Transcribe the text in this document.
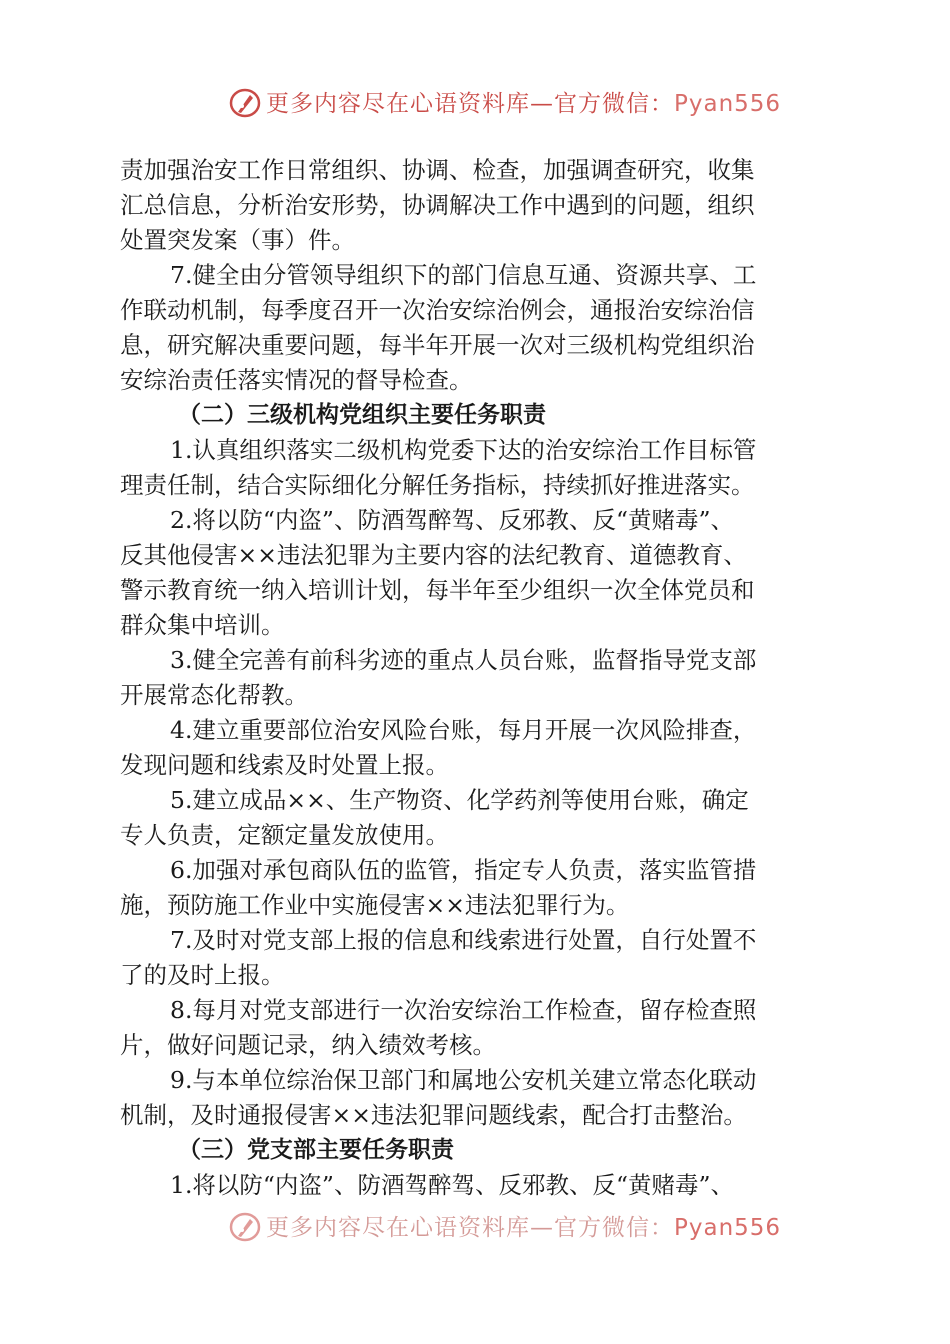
更多内容尽在心语资料库—官方微信：Pyan556
责加强治安工作日常组织、协调、检查，加强调查研究，收集
汇总信息，分析治安形势，协调解决工作中遇到的问题，组织
处置突发案（事）件。
7.健全由分管领导组织下的部门信息互通、资源共享、工
作联动机制，每季度召开一次治安综治例会，通报治安综治信
息，研究解决重要问题，每半年开展一次对三级机构党组织治
安综治责任落实情况的督导检查。
（二）三级机构党组织主要任务职责
1.认真组织落实二级机构党委下达的治安综治工作目标管
理责任制，结合实际细化分解任务指标，持续抓好推进落实。
2.将以防“内盗”、防酒驾醉驾、反邪教、反“黄赌毒”、
反其他侵害××违法犯罪为主要内容的法纪教育、道德教育、
警示教育统一纳入培训计划，每半年至少组织一次全体党员和
群众集中培训。
3.健全完善有前科劣迹的重点人员台账，监督指导党支部
开展常态化帮教。
4.建立重要部位治安风险台账，每月开展一次风险排查，
发现问题和线索及时处置上报。
5.建立成品××、生产物资、化学药剂等使用台账，确定
专人负责，定额定量发放使用。
6.加强对承包商队伍的监管，指定专人负责，落实监管措
施，预防施工作业中实施侵害××违法犯罪行为。
7.及时对党支部上报的信息和线索进行处置，自行处置不
了的及时上报。
8.每月对党支部进行一次治安综治工作检查，留存检查照
片，做好问题记录，纳入绩效考核。
9.与本单位综治保卫部门和属地公安机关建立常态化联动
机制，及时通报侵害××违法犯罪问题线索，配合打击整治。
（三）党支部主要任务职责
1.将以防“内盗”、防酒驾醉驾、反邪教、反“黄赌毒”、
更多内容尽在心语资料库—官方微信：Pyan556
